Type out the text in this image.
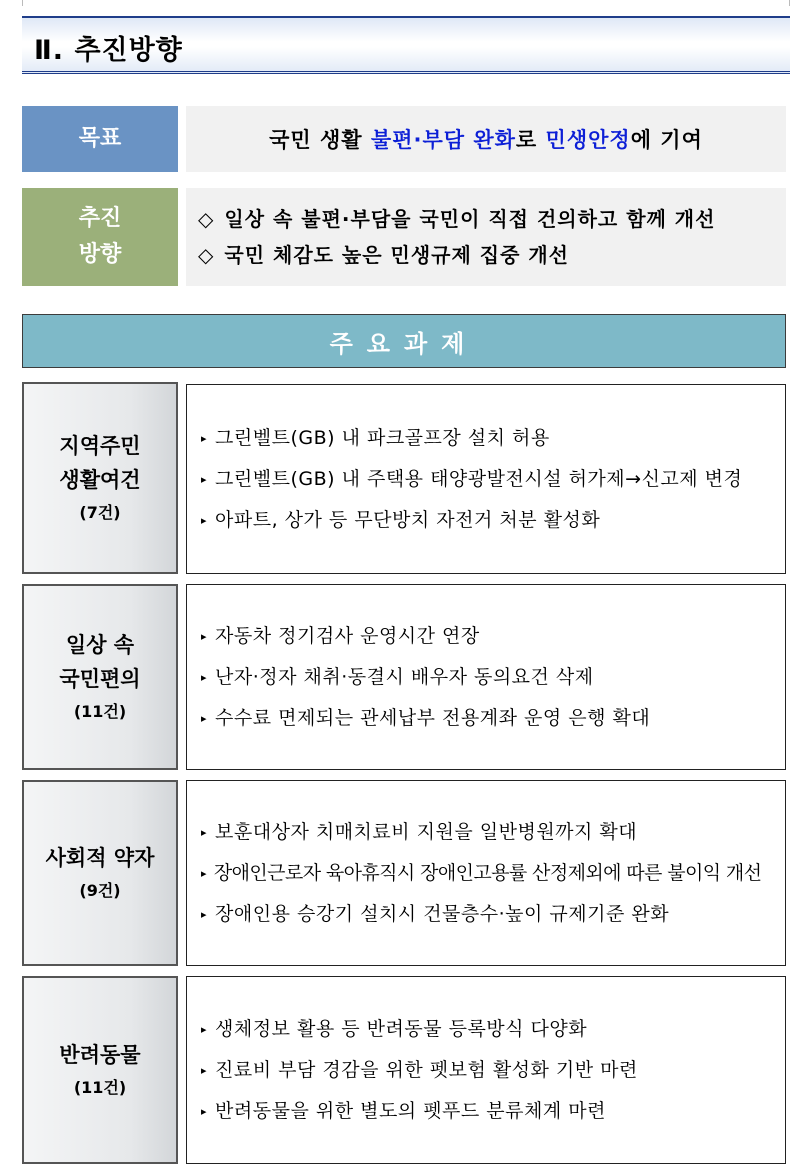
Ⅱ. 추진방향
목표	국민 생활 불편·부담 완화 로 민생안정 에 기여
추진
방향
◇ 일상 속 불편·부담을 국민이 직접 건의하고 함께 개선
◇ 국민 체감도 높은 민생규제 집중 개선
주요과제
지역주민
생활여건
(7건)
▸ 그린벨트(GB) 내 파크골프장 설치 허용
▸ 그린벨트(GB) 내 주택용 태양광발전시설 허가제→신고제 변경
▸ 아파트, 상가 등 무단방치 자전거 처분 활성화
일상 속
국민편의
(11건)
▸ 자동차 정기검사 운영시간 연장
▸ 난자·정자 채취·동결시 배우자 동의요건 삭제
▸ 수수료 면제되는 관세납부 전용계좌 운영 은행 확대
사회적 약자
(9건)
▸ 보훈대상자 치매치료비 지원을 일반병원까지 확대
▸ 장애인근로자 육아휴직시 장애인고용률 산정제외에 따른 불이익 개선
▸ 장애인용 승강기 설치시 건물층수·높이 규제기준 완화
반려동물
(11건)
▸ 생체정보 활용 등 반려동물 등록방식 다양화
▸ 진료비 부담 경감을 위한 펫보험 활성화 기반 마련
▸ 반려동물을 위한 별도의 펫푸드 분류체계 마련
